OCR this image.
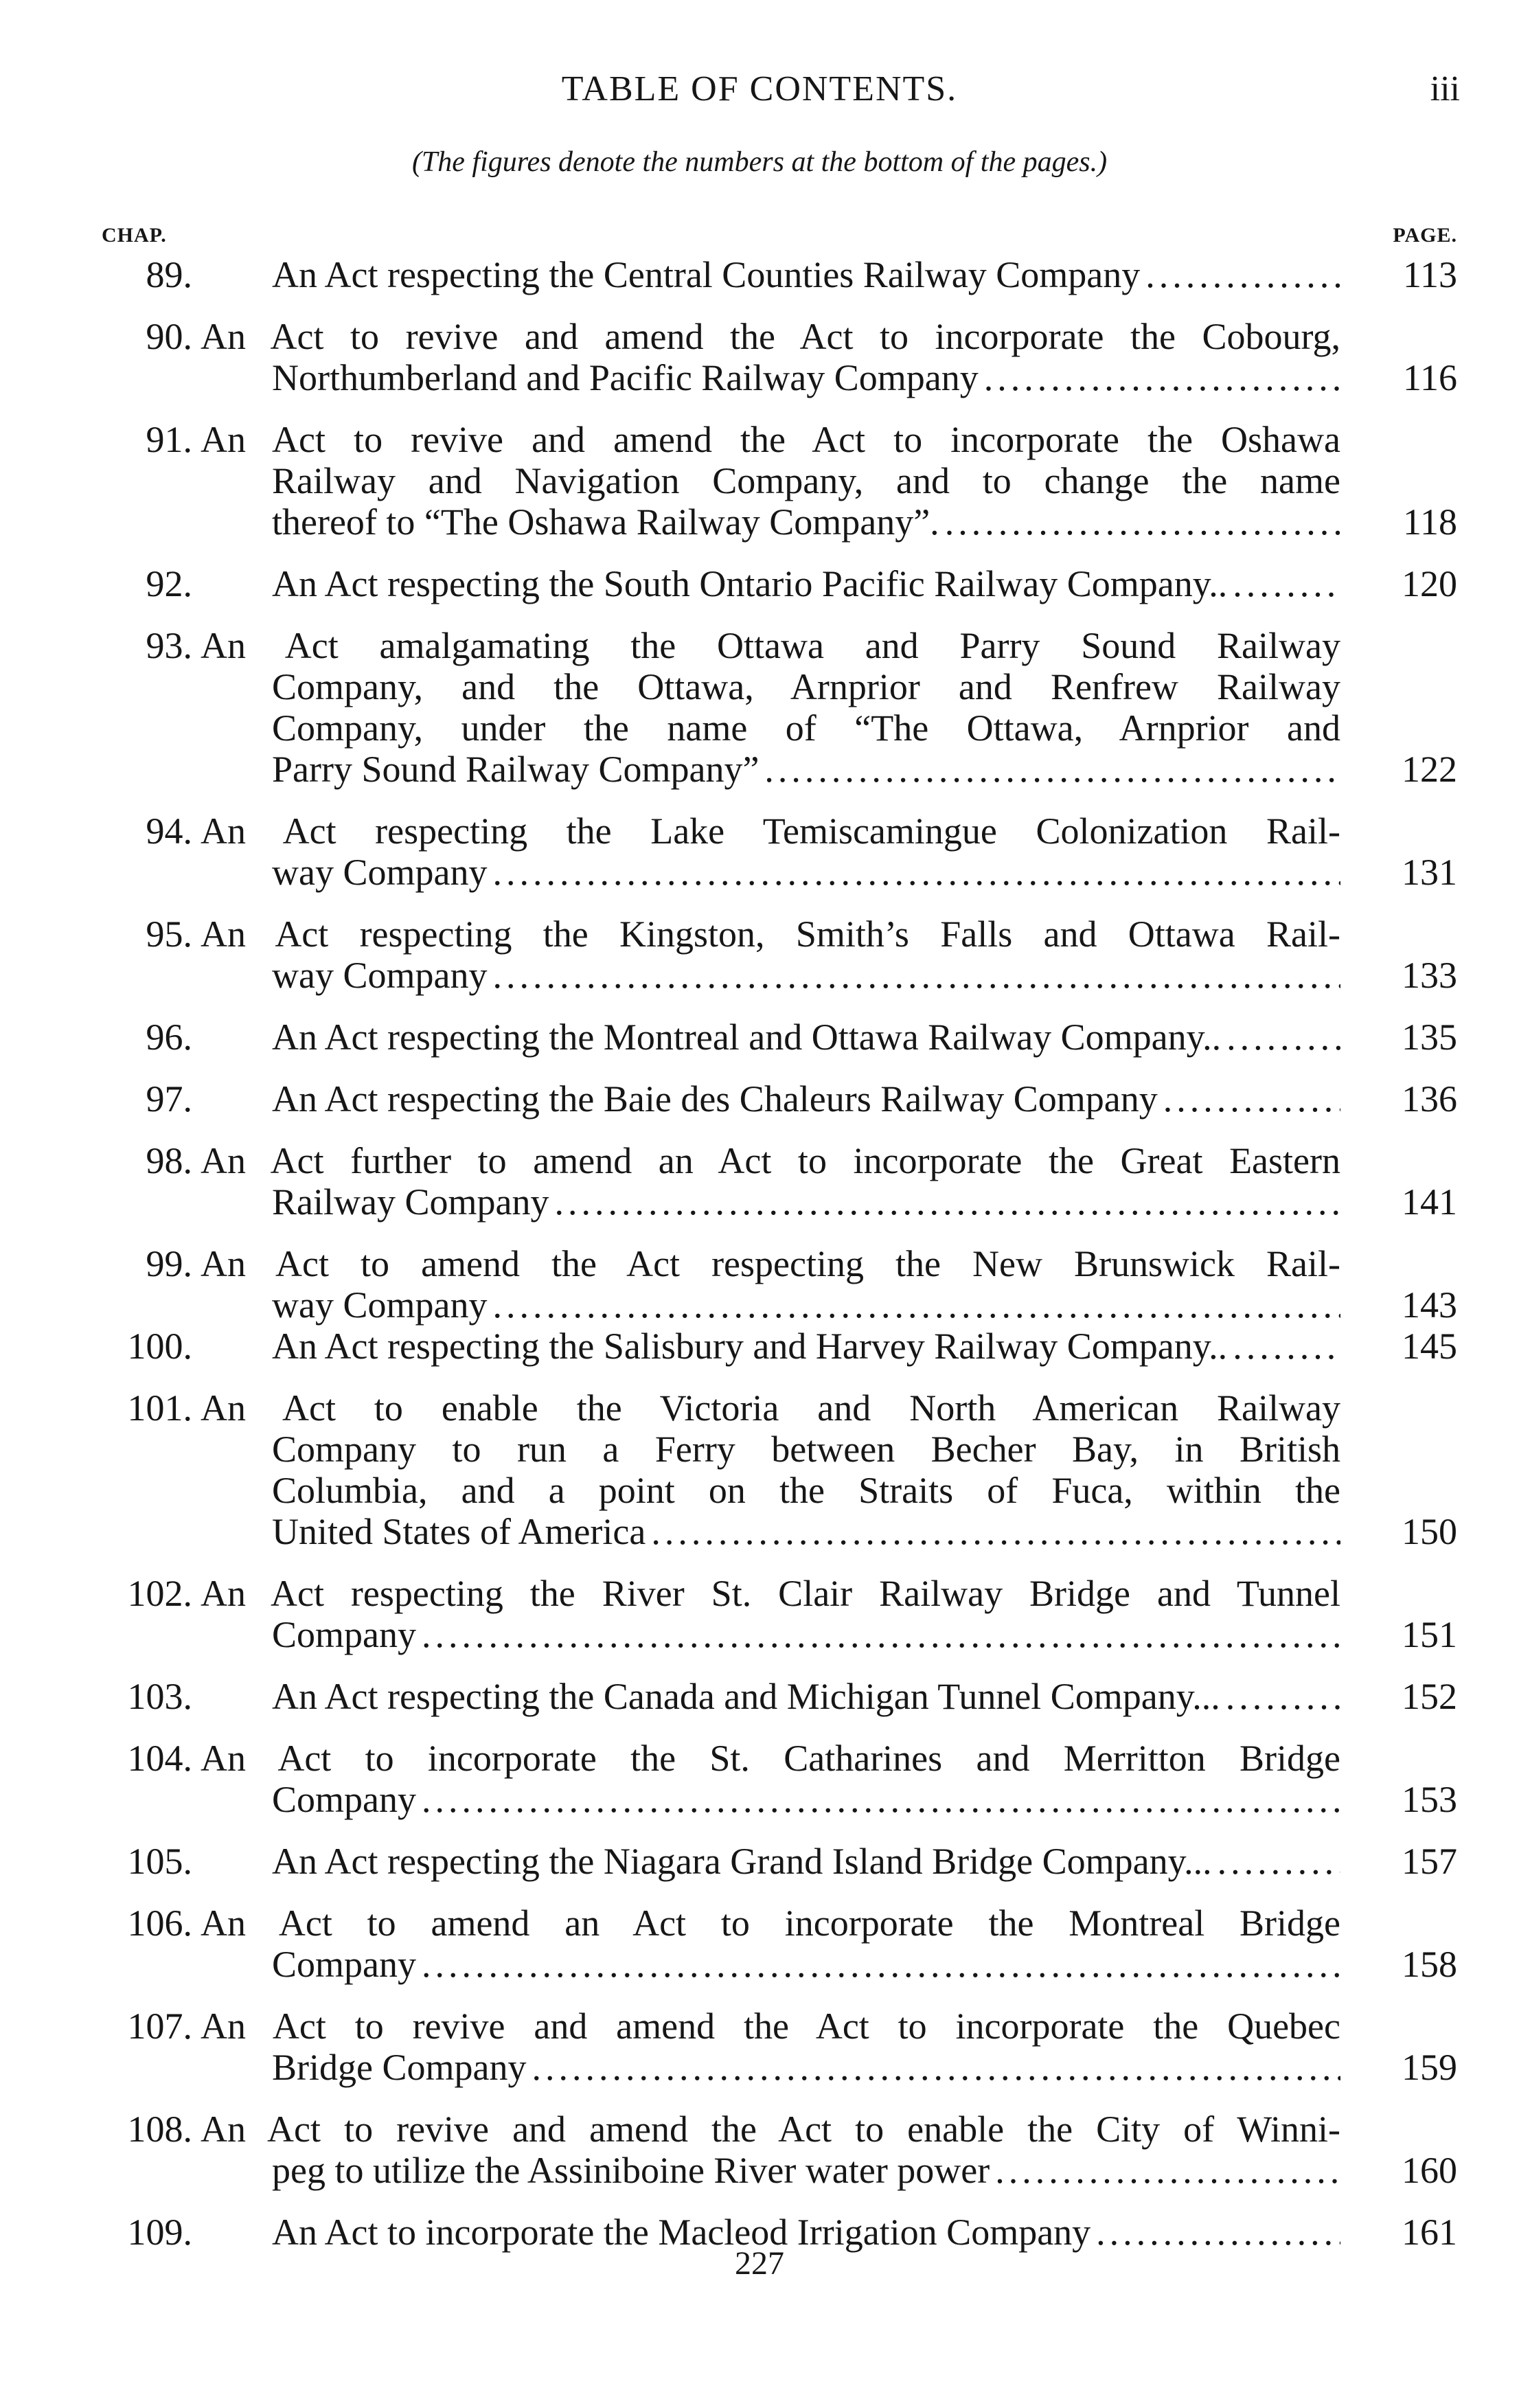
TABLE OF CONTENTS.	iii
(The figures denote the numbers at the bottom of the pages.)
CHAP.	PAGE.
89. An Act respecting the Central Counties Railway Company .....	113
90. An Act to revive and amend the Act to incorporate the Cobourg,
Northumberland and Pacific Railway Company .....	116
91. An Act to revive and amend the Act to incorporate the Oshawa
Railway and Navigation Company, and to change the name
thereof to “The Oshawa Railway Company”. .....	118
92. An Act respecting the South Ontario Pacific Railway Company.. .....	120
93. An Act amalgamating the Ottawa and Parry Sound Railway
Company, and the Ottawa, Arnprior and Renfrew Railway
Company, under the name of “The Ottawa, Arnprior and
Parry Sound Railway Company” .....	122
94. An Act respecting the Lake Temiscamingue Colonization Rail-
way Company .....	131
95. An Act respecting the Kingston, Smith’s Falls and Ottawa Rail-
way Company .....	133
96. An Act respecting the Montreal and Ottawa Railway Company.. .....	135
97. An Act respecting the Baie des Chaleurs Railway Company .....	136
98. An Act further to amend an Act to incorporate the Great Eastern
Railway Company .....	141
99. An Act to amend the Act respecting the New Brunswick Rail-
way Company .....	143
100. An Act respecting the Salisbury and Harvey Railway Company.. .....	145
101. An Act to enable the Victoria and North American Railway
Company to run a Ferry between Becher Bay, in British
Columbia, and a point on the Straits of Fuca, within the
United States of America .....	150
102. An Act respecting the River St. Clair Railway Bridge and Tunnel
Company .....	151
103. An Act respecting the Canada and Michigan Tunnel Company... .....	152
104. An Act to incorporate the St. Catharines and Merritton Bridge
Company .....	153
105. An Act respecting the Niagara Grand Island Bridge Company... .....	157
106. An Act to amend an Act to incorporate the Montreal Bridge
Company .....	158
107. An Act to revive and amend the Act to incorporate the Quebec
Bridge Company .....	159
108. An Act to revive and amend the Act to enable the City of Winni-
peg to utilize the Assiniboine River water power .....	160
109. An Act to incorporate the Macleod Irrigation Company .....	161
227
